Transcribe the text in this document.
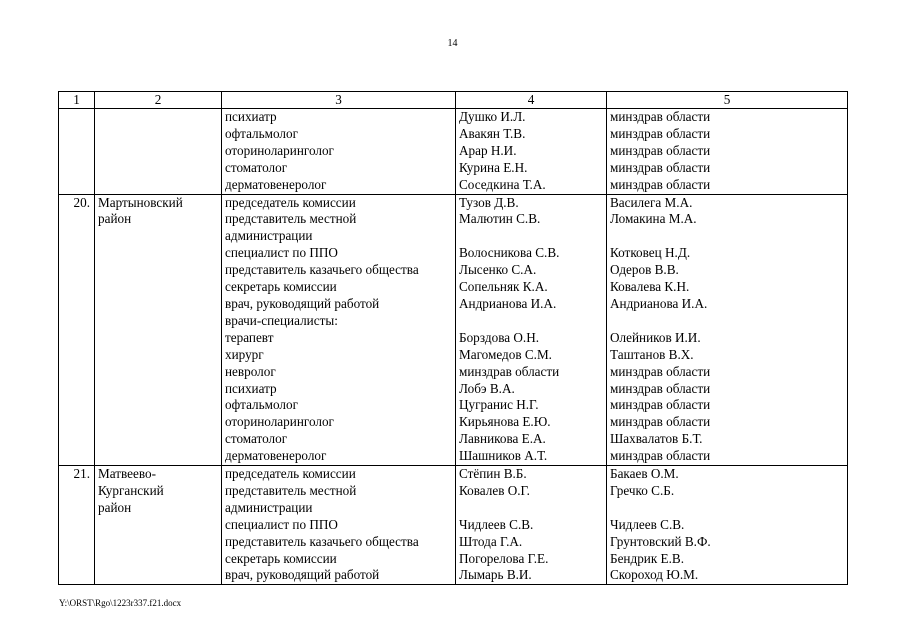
14
1	2	3	4	5
		психиатр	Душко И.Л.	минздрав области
		офтальмолог	Авакян Т.В.	минздрав области
		оториноларинголог	Арар Н.И.	минздрав области
		стоматолог	Курина Е.Н.	минздрав области
		дерматовенеролог	Соседкина Т.А.	минздрав области
20.	Мартыновский	председатель комиссии	Тузов Д.В.	Василега М.А.
	район	представитель местной	Малютин С.В.	Ломакина М.А.
		администрации		
		специалист по ППО	Волосникова С.В.	Котковец Н.Д.
		представитель казачьего общества	Лысенко С.А.	Одеров В.В.
		секретарь комиссии	Сопельняк К.А.	Ковалева К.Н.
		врач, руководящий работой	Андрианова И.А.	Андрианова И.А.
		врачи-специалисты:		
		терапевт	Борздова О.Н.	Олейников И.И.
		хирург	Магомедов С.М.	Таштанов В.Х.
		невролог	минздрав области	минздрав области
		психиатр	Лобэ В.А.	минздрав области
		офтальмолог	Цугранис Н.Г.	минздрав области
		оториноларинголог	Кирьянова Е.Ю.	минздрав области
		стоматолог	Лавникова Е.А.	Шахвалатов Б.Т.
		дерматовенеролог	Шашников А.Т.	минздрав области
21.	Матвеево-	председатель комиссии	Стёпин В.Б.	Бакаев О.М.
	Курганский	представитель местной	Ковалев О.Г.	Гречко С.Б.
	район	администрации		
		специалист по ППО	Чидлеев С.В.	Чидлеев С.В.
		представитель казачьего общества	Штода Г.А.	Грунтовский В.Ф.
		секретарь комиссии	Погорелова Г.Е.	Бендрик Е.В.
		врач, руководящий работой	Лымарь В.И.	Скороход Ю.М.
Y:\ORST\Rgo\1223r337.f21.docx
